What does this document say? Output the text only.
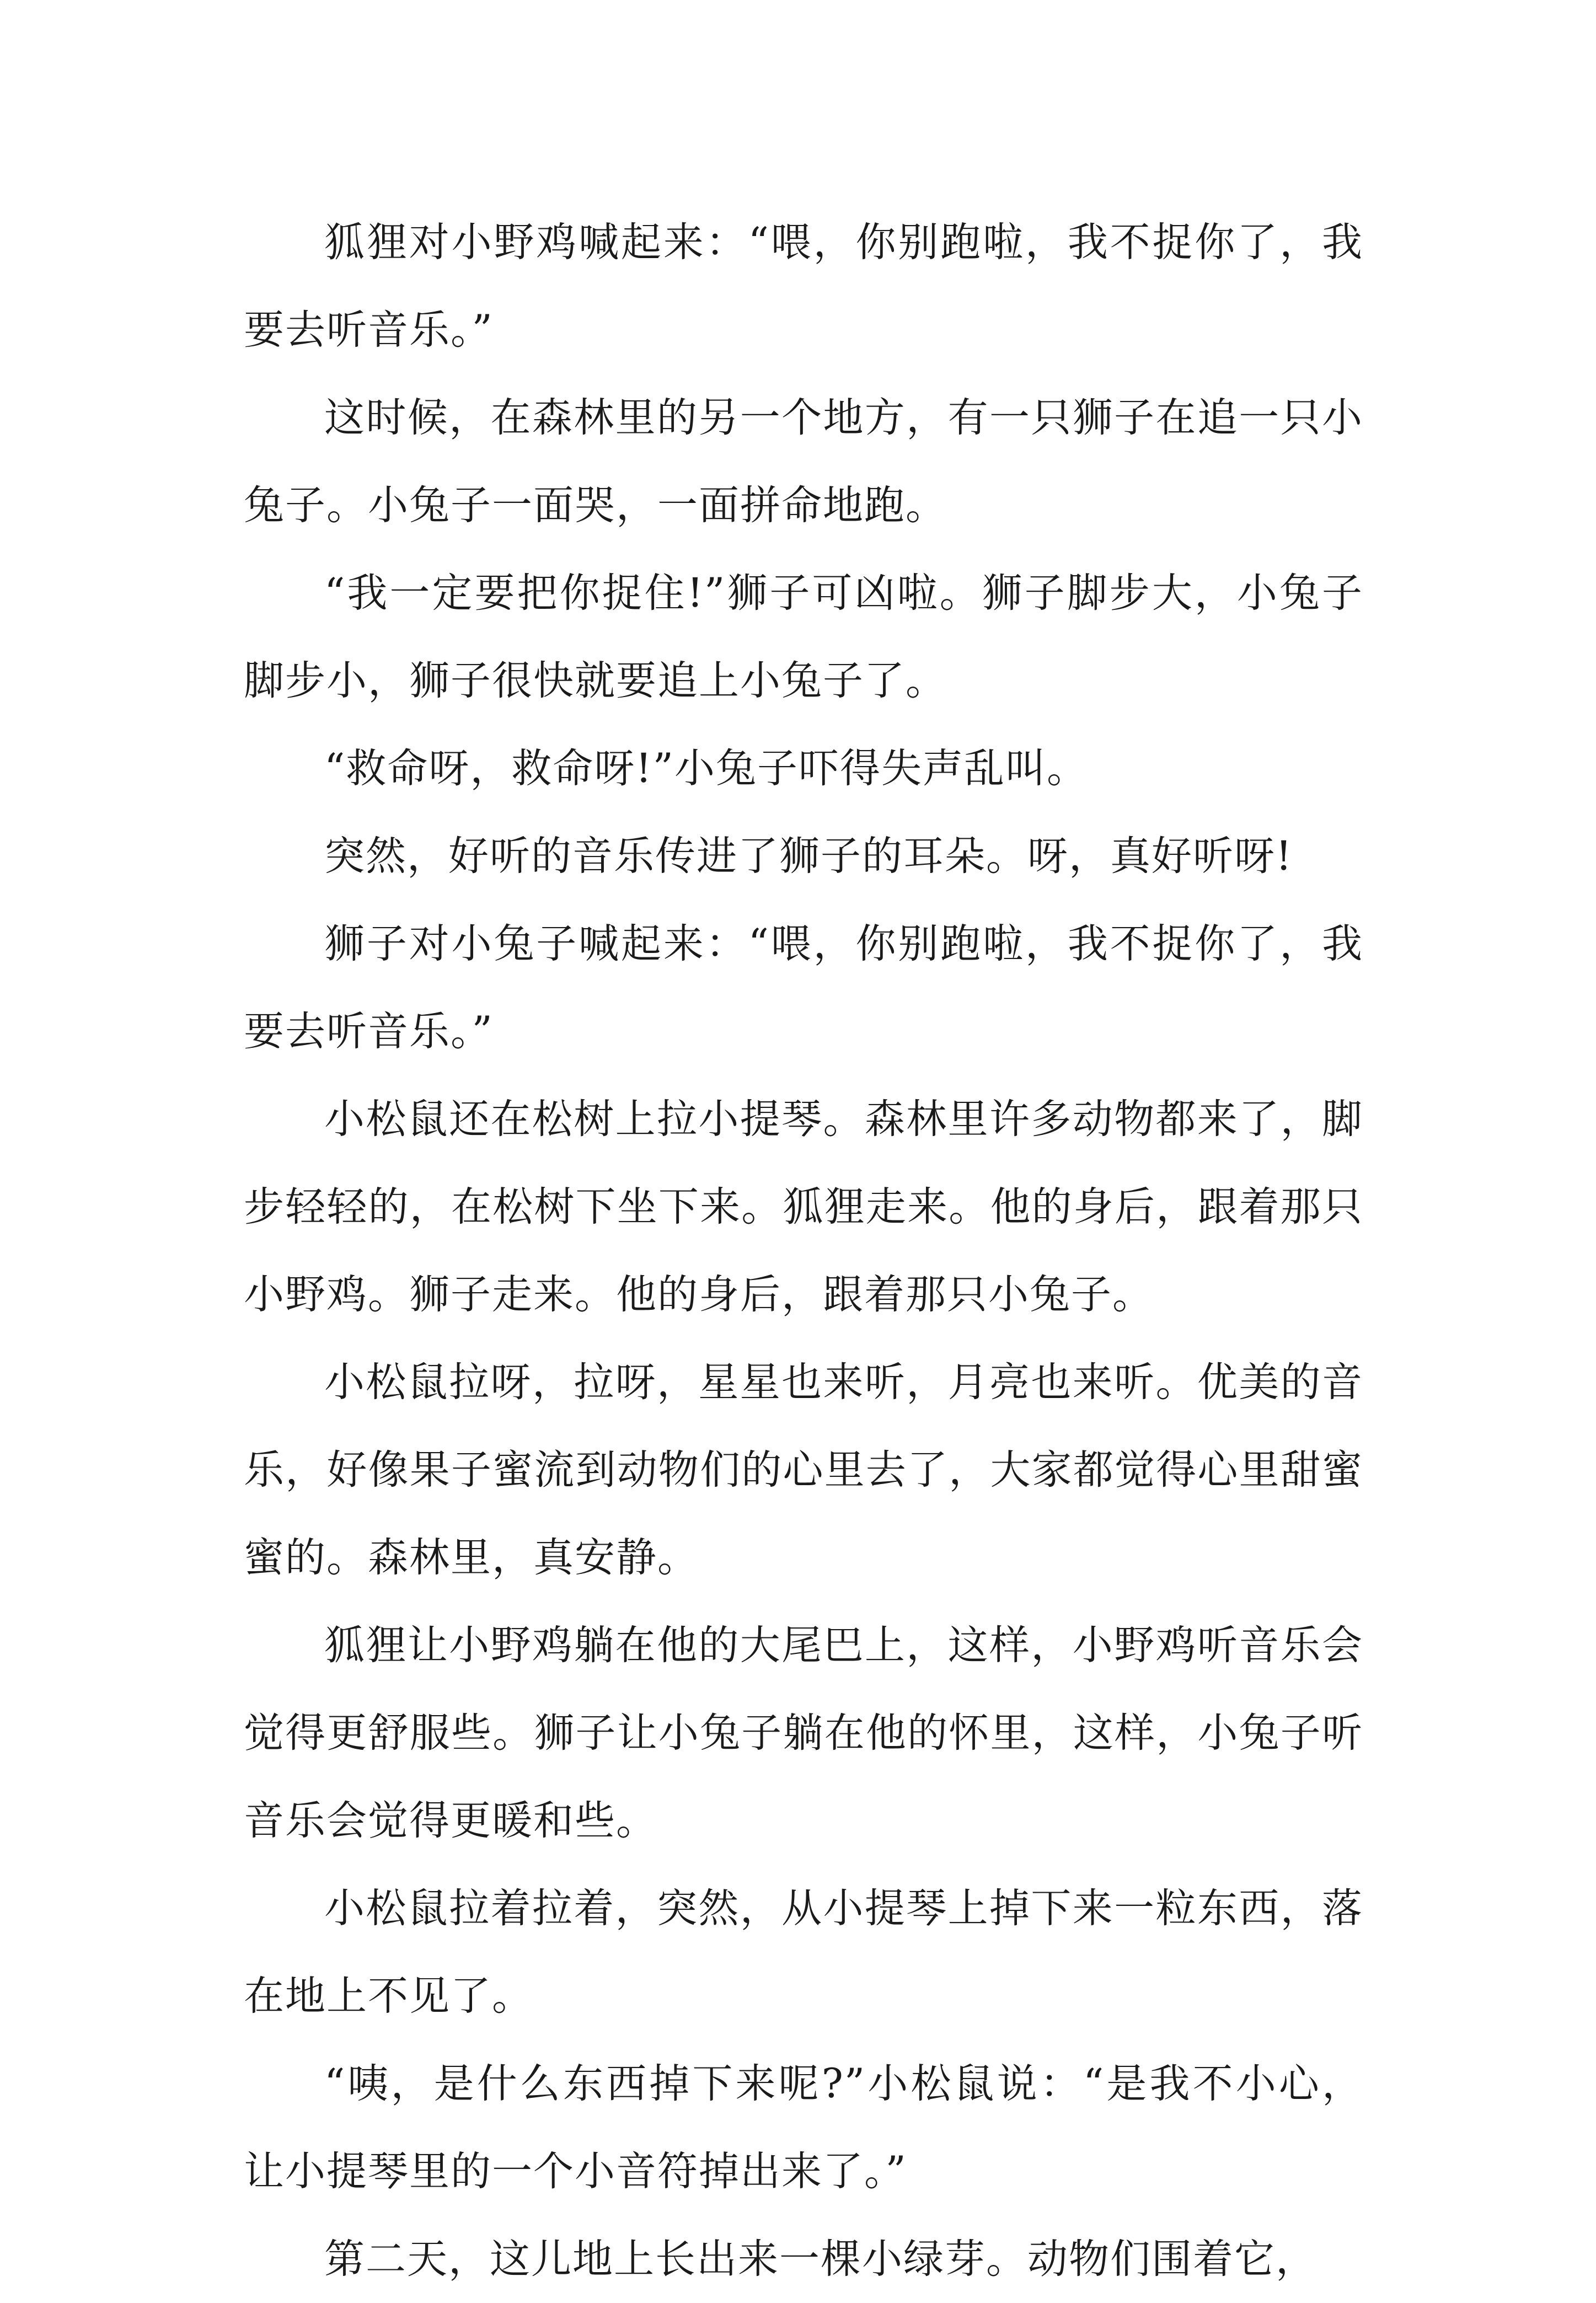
狐狸对小野鸡喊起来：“喂，你别跑啦，我不捉你了，我要去听音乐。”

这时候，在森林里的另一个地方，有一只狮子在追一只小兔子。小兔子一面哭，一面拼命地跑。

“我一定要把你捉住!”狮子可凶啦。狮子脚步大，小兔子脚步小，狮子很快就要追上小兔子了。

“救命呀，救命呀!”小兔子吓得失声乱叫。

突然，好听的音乐传进了狮子的耳朵。呀，真好听呀!

狮子对小兔子喊起来：“喂，你别跑啦，我不捉你了，我要去听音乐。”

小松鼠还在松树上拉小提琴。森林里许多动物都来了，脚步轻轻的，在松树下坐下来。狐狸走来。他的身后，跟着那只小野鸡。狮子走来。他的身后，跟着那只小兔子。

小松鼠拉呀，拉呀，星星也来听，月亮也来听。优美的音乐，好像果子蜜流到动物们的心里去了，大家都觉得心里甜蜜蜜的。森林里，真安静。

狐狸让小野鸡躺在他的大尾巴上，这样，小野鸡听音乐会觉得更舒服些。狮子让小兔子躺在他的怀里，这样，小兔子听音乐会觉得更暖和些。

小松鼠拉着拉着，突然，从小提琴上掉下来一粒东西，落在地上不见了。

“咦，是什么东西掉下来呢?”小松鼠说：“是我不小心，让小提琴里的一个小音符掉出来了。”

第二天，这儿地上长出来一棵小绿芽。动物们围着它，
